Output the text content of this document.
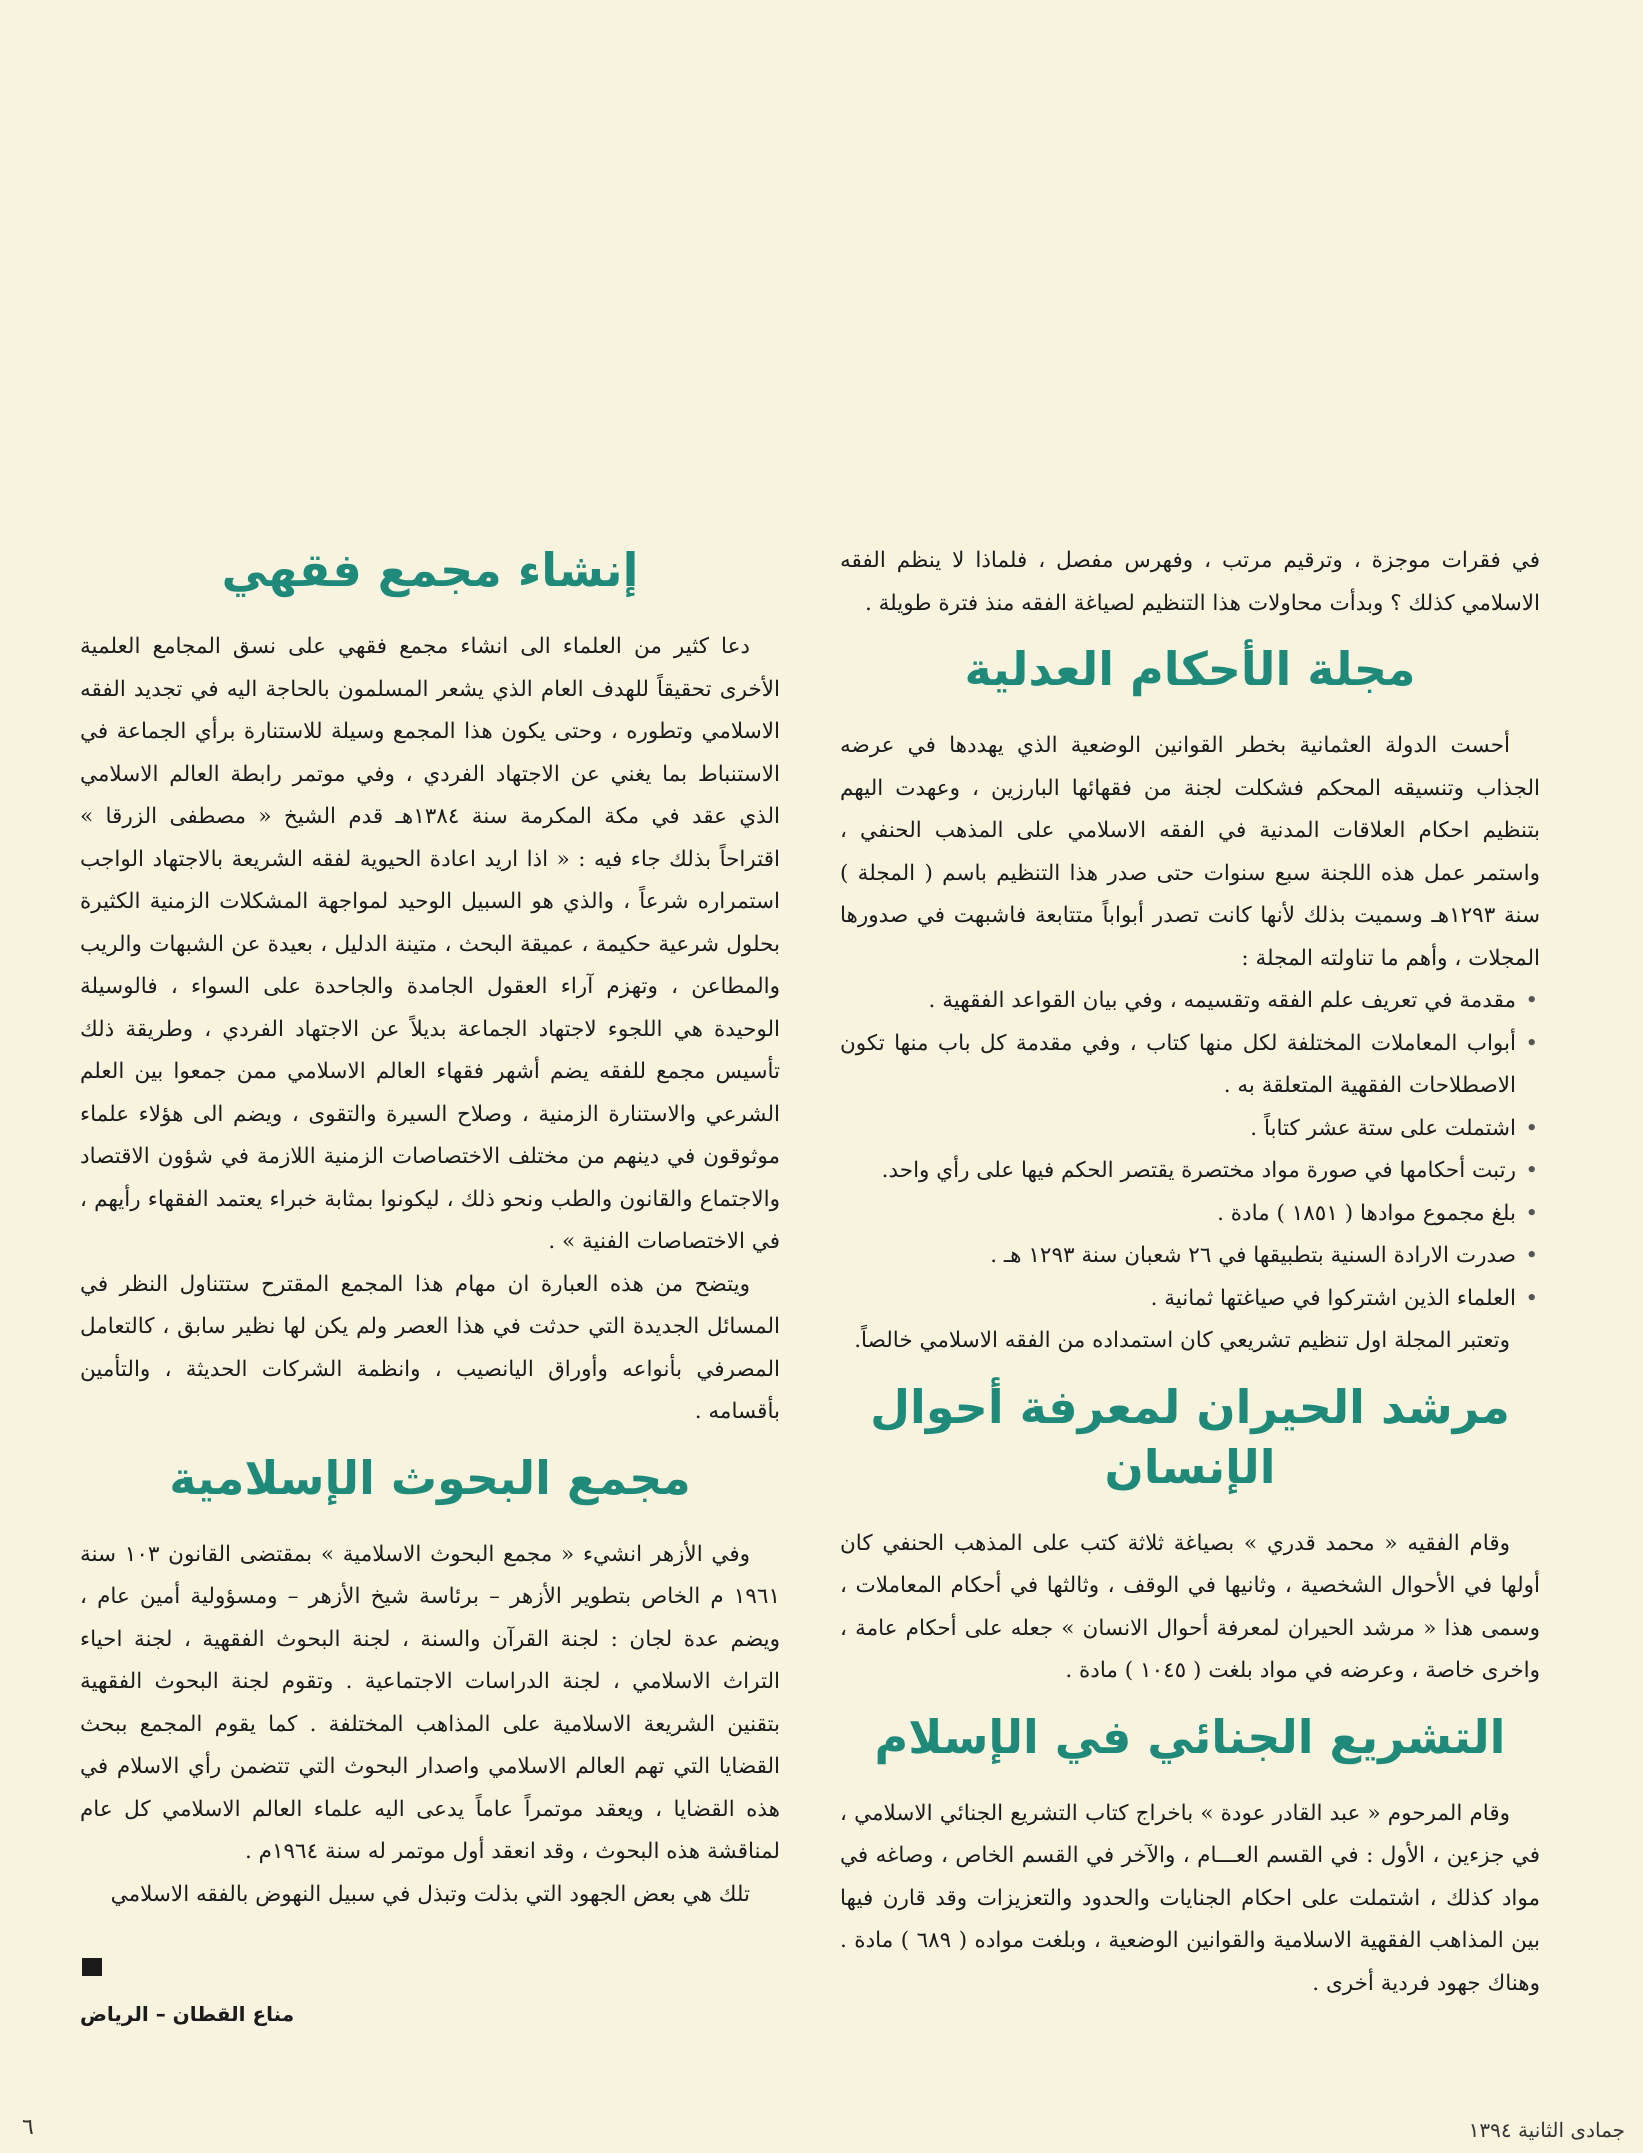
في فقرات موجزة ، وترقيم مرتب ، وفهرس مفصل ، فلماذا لا ينظم الفقه الاسلامي كذلك ؟ وبدأت محاولات هذا التنظيم لصياغة الفقه منذ فترة طويلة .

مجلة الأحكام العدلية

أحست الدولة العثمانية بخطر القوانين الوضعية الذي يهددها في عرضه الجذاب وتنسيقه المحكم فشكلت لجنة من فقهائها البارزين ، وعهدت اليهم بتنظيم احكام العلاقات المدنية في الفقه الاسلامي على المذهب الحنفي ، واستمر عمل هذه اللجنة سبع سنوات حتى صدر هذا التنظيم باسم ( المجلة ) سنة ١٢٩٣هـ وسميت بذلك لأنها كانت تصدر أبواباً متتابعة فاشبهت في صدورها المجلات ، وأهم ما تناولته المجلة :

•
مقدمة في تعريف علم الفقه وتقسيمه ، وفي بيان القواعد الفقهية .
•
أبواب المعاملات المختلفة لكل منها كتاب ، وفي مقدمة كل باب منها تكون الاصطلاحات الفقهية المتعلقة به .
•
اشتملت على ستة عشر كتاباً .
•
رتبت أحكامها في صورة مواد مختصرة يقتصر الحكم فيها على رأي واحد.
•
بلغ مجموع موادها ( ١٨٥١ ) مادة .
•
صدرت الارادة السنية بتطبيقها في ٢٦ شعبان سنة ١٢٩٣ هـ .
•
العلماء الذين اشتركوا في صياغتها ثمانية .

وتعتبر المجلة اول تنظيم تشريعي كان استمداده من الفقه الاسلامي خالصاً.

مرشد الحيران لمعرفة أحوال الإنسان

وقام الفقيه « محمد قدري » بصياغة ثلاثة كتب على المذهب الحنفي كان أولها في الأحوال الشخصية ، وثانيها في الوقف ، وثالثها في أحكام المعاملات ، وسمى هذا « مرشد الحيران لمعرفة أحوال الانسان » جعله على أحكام عامة ، واخرى خاصة ، وعرضه في مواد بلغت ( ١٠٤٥ ) مادة .

التشريع الجنائي في الإسلام

وقام المرحوم « عبد القادر عودة » باخراج كتاب التشريع الجنائي الاسلامي ، في جزءين ، الأول : في القسم العـــام ، والآخر في القسم الخاص ، وصاغه في مواد كذلك ، اشتملت على احكام الجنايات والحدود والتعزيزات وقد قارن فيها بين المذاهب الفقهية الاسلامية والقوانين الوضعية ، وبلغت مواده ( ٦٨٩ ) مادة . وهناك جهود فردية أخرى .

إنشاء مجمع فقهي

دعا كثير من العلماء الى انشاء مجمع فقهي على نسق المجامع العلمية الأخرى تحقيقاً للهدف العام الذي يشعر المسلمون بالحاجة اليه في تجديد الفقه الاسلامي وتطوره ، وحتى يكون هذا المجمع وسيلة للاستنارة برأي الجماعة في الاستنباط بما يغني عن الاجتهاد الفردي ، وفي موتمر رابطة العالم الاسلامي الذي عقد في مكة المكرمة سنة ١٣٨٤هـ قدم الشيخ « مصطفى الزرقا » اقتراحاً بذلك جاء فيه : « اذا اريد اعادة الحيوية لفقه الشريعة بالاجتهاد الواجب استمراره شرعاً ، والذي هو السبيل الوحيد لمواجهة المشكلات الزمنية الكثيرة بحلول شرعية حكيمة ، عميقة البحث ، متينة الدليل ، بعيدة عن الشبهات والريب والمطاعن ، وتهزم آراء العقول الجامدة والجاحدة على السواء ، فالوسيلة الوحيدة هي اللجوء لاجتهاد الجماعة بديلاً عن الاجتهاد الفردي ، وطريقة ذلك تأسيس مجمع للفقه يضم أشهر فقهاء العالم الاسلامي ممن جمعوا بين العلم الشرعي والاستنارة الزمنية ، وصلاح السيرة والتقوى ، ويضم الى هؤلاء علماء موثوقون في دينهم من مختلف الاختصاصات الزمنية اللازمة في شؤون الاقتصاد والاجتماع والقانون والطب ونحو ذلك ، ليكونوا بمثابة خبراء يعتمد الفقهاء رأيهم ، في الاختصاصات الفنية » .

ويتضح من هذه العبارة ان مهام هذا المجمع المقترح ستتناول النظر في المسائل الجديدة التي حدثت في هذا العصر ولم يكن لها نظير سابق ، كالتعامل المصرفي بأنواعه وأوراق اليانصيب ، وانظمة الشركات الحديثة ، والتأمين بأقسامه .

مجمع البحوث الإسلامية

وفي الأزهر انشيء « مجمع البحوث الاسلامية » بمقتضى القانون ١٠٣ سنة ١٩٦١ م الخاص بتطوير الأزهر – برئاسة شيخ الأزهر – ومسؤولية أمين عام ، ويضم عدة لجان : لجنة القرآن والسنة ، لجنة البحوث الفقهية ، لجنة احياء التراث الاسلامي ، لجنة الدراسات الاجتماعية . وتقوم لجنة البحوث الفقهية بتقنين الشريعة الاسلامية على المذاهب المختلفة . كما يقوم المجمع ببحث القضايا التي تهم العالم الاسلامي واصدار البحوث التي تتضمن رأي الاسلام في هذه القضايا ، ويعقد موتمراً عاماً يدعى اليه علماء العالم الاسلامي كل عام لمناقشة هذه البحوث ، وقد انعقد أول موتمر له سنة ١٩٦٤م .

تلك هي بعض الجهود التي بذلت وتبذل في سبيل النهوض بالفقه الاسلامي

مناع القطان – الرياض
جمادى الثانية ١٣٩٤
٦
